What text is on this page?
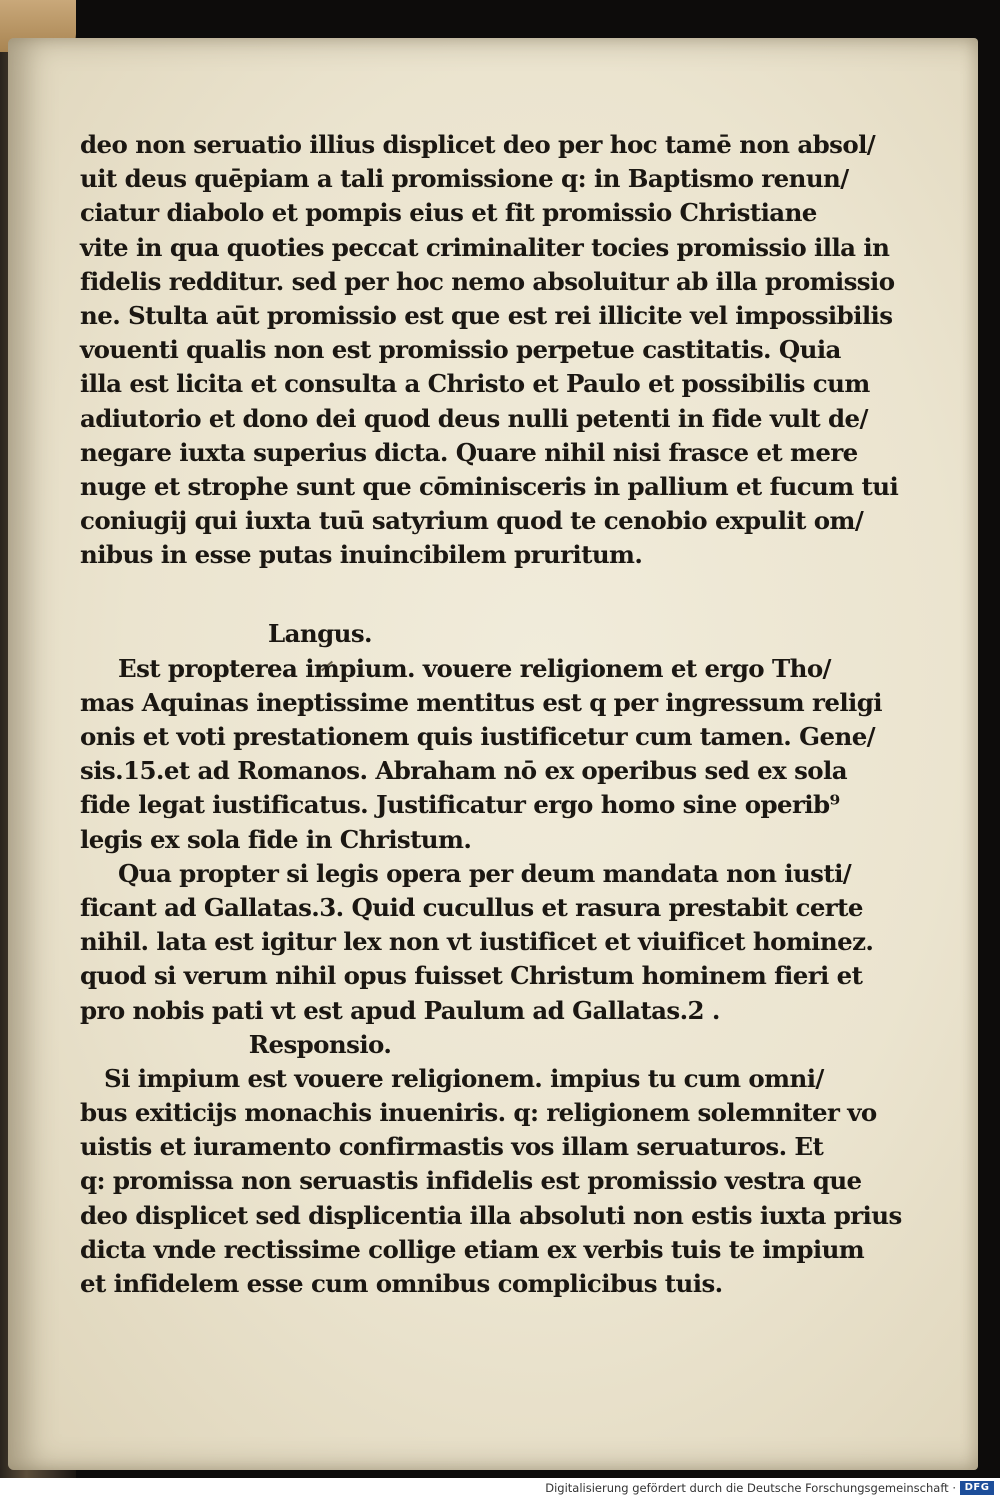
deo non seruatio illius displicet deo per hoc tamē non absol/
uit deus quēpiam a tali promissione q: in Baptismo renun/
ciatur diabolo et pompis eius et fit promissio Christiane
vite in qua quoties peccat criminaliter tocies promissio illa in
fidelis redditur. sed per hoc nemo absoluitur ab illa promissio
ne. Stulta aūt promissio est que est rei illicite vel impossibilis
vouenti qualis non est promissio perpetue castitatis. Quia
illa est licita et consulta a Christo et Paulo et possibilis cum
adiutorio et dono dei quod deus nulli petenti in fide vult de/
negare iuxta superius dicta. Quare nihil nisi frasce et mere
nuge et strophe sunt que cōminisceris in pallium et fucum tui
coniugij qui iuxta tuū satyrium quod te cenobio expulit om/
nibus in esse putas inuincibilem pruritum.
Langus.
Est propterea impium. vouere religionem et ergo Tho/
mas Aquinas ineptissime mentitus est q per ingressum religi
onis et voti prestationem quis iustificetur cum tamen. Gene/
sis.15.et ad Romanos. Abraham nō ex operibus sed ex sola
fide legat iustificatus. Justificatur ergo homo sine operib⁹
legis ex sola fide in Christum.
Qua propter si legis opera per deum mandata non iusti/
ficant ad Gallatas.3. Quid cucullus et rasura prestabit certe
nihil. lata est igitur lex non vt iustificet et viuificet hominez.
quod si verum nihil opus fuisset Christum hominem fieri et
pro nobis pati vt est apud Paulum ad Gallatas.2 .
Responsio.
Si impium est vouere religionem. impius tu cum omni/
bus exiticijs monachis inueniris. q: religionem solemniter vo
uistis et iuramento confirmastis vos illam seruaturos. Et
q: promissa non seruastis infidelis est promissio vestra que
deo displicet sed displicentia illa absoluti non estis iuxta prius
dicta vnde rectissime collige etiam ex verbis tuis te impium
et infidelem esse cum omnibus complicibus tuis.
Digitalisierung gefördert durch die Deutsche Forschungsgemeinschaft · DFG
